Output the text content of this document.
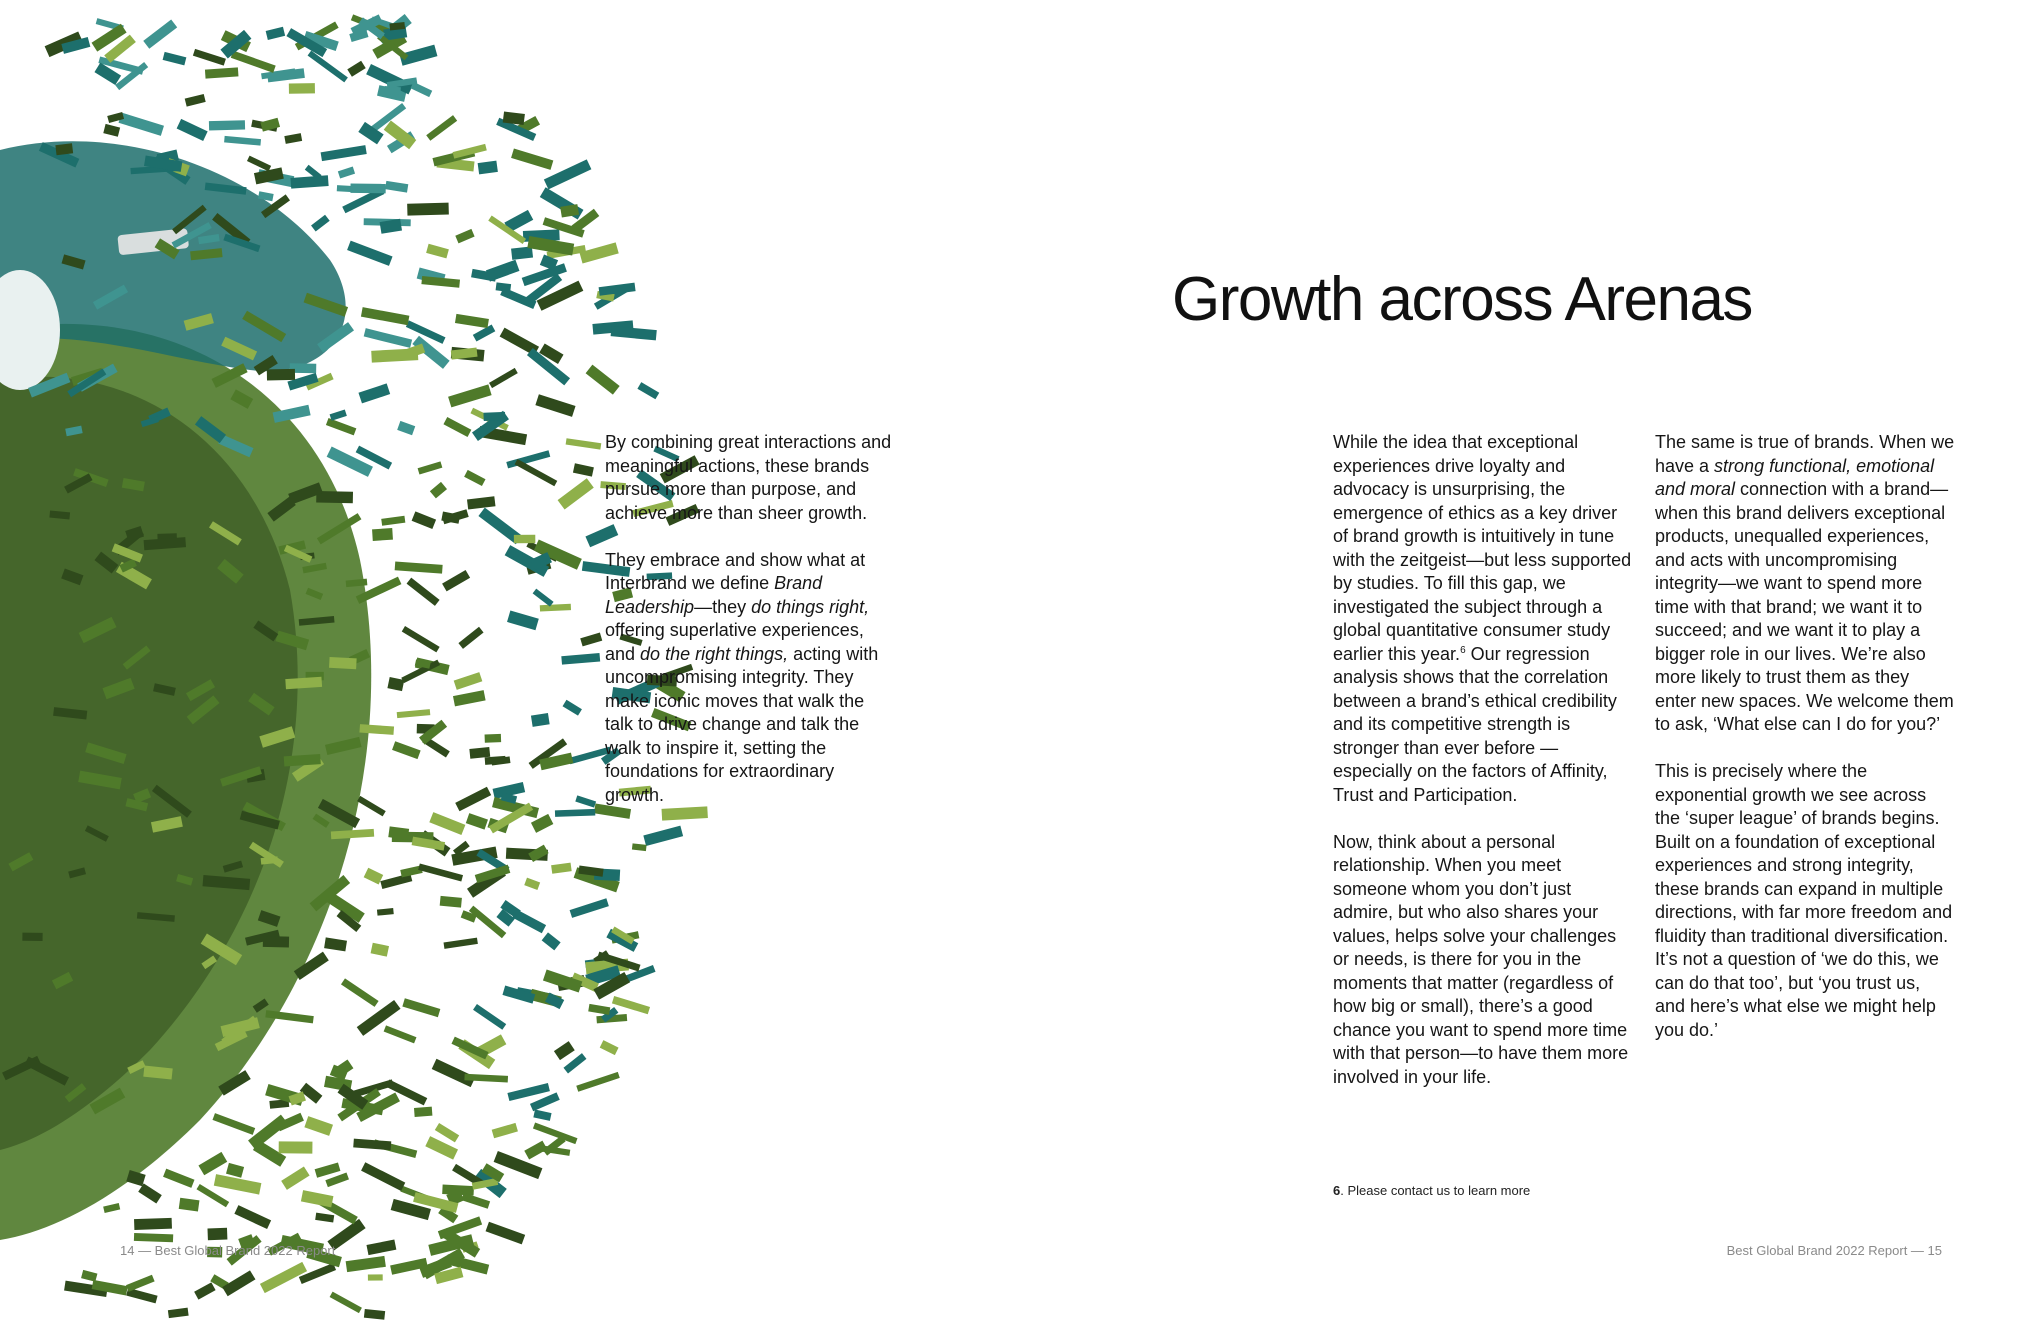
Growth across Arenas

By combining great interactions and meaningful actions, these brands pursue more than purpose, and achieve more than sheer growth.

They embrace and show what at Interbrand we define Brand Leadership—they do things right, offering superlative experiences, and do the right things, acting with uncompromising integrity. They make iconic moves that walk the talk to drive change and talk the walk to inspire it, setting the foundations for extraordinary growth.

While the idea that exceptional experiences drive loyalty and advocacy is unsurprising, the emergence of ethics as a key driver of brand growth is intuitively in tune with the zeitgeist—but less supported by studies. To fill this gap, we investigated the subject through a global quantitative consumer study earlier this year.$^6$ Our regression analysis shows that the correlation between a brand’s ethical credibility and its competitive strength is stronger than ever before —especially on the factors of Affinity, Trust and Participation.

Now, think about a personal relationship. When you meet someone whom you don’t just admire, but who also shares your values, helps solve your challenges or needs, is there for you in the moments that matter (regardless of how big or small), there’s a good chance you want to spend more time with that person—to have them more involved in your life.

The same is true of brands. When we have a strong functional, emotional and moral connection with a brand—when this brand delivers exceptional products, unequalled experiences, and acts with uncompromising integrity—we want to spend more time with that brand; we want it to succeed; and we want it to play a bigger role in our lives. We’re also more likely to trust them as they enter new spaces. We welcome them to ask, ‘What else can I do for you?’

This is precisely where the exponential growth we see across the ‘super league’ of brands begins. Built on a foundation of exceptional experiences and strong integrity, these brands can expand in multiple directions, with far more freedom and fluidity than traditional diversification. It’s not a question of ‘we do this, we can do that too’, but ‘you trust us, and here’s what else we might help you do.’

6. Please contact us to learn more
14 — Best Global Brand 2022 Report	Best Global Brand 2022 Report — 15
